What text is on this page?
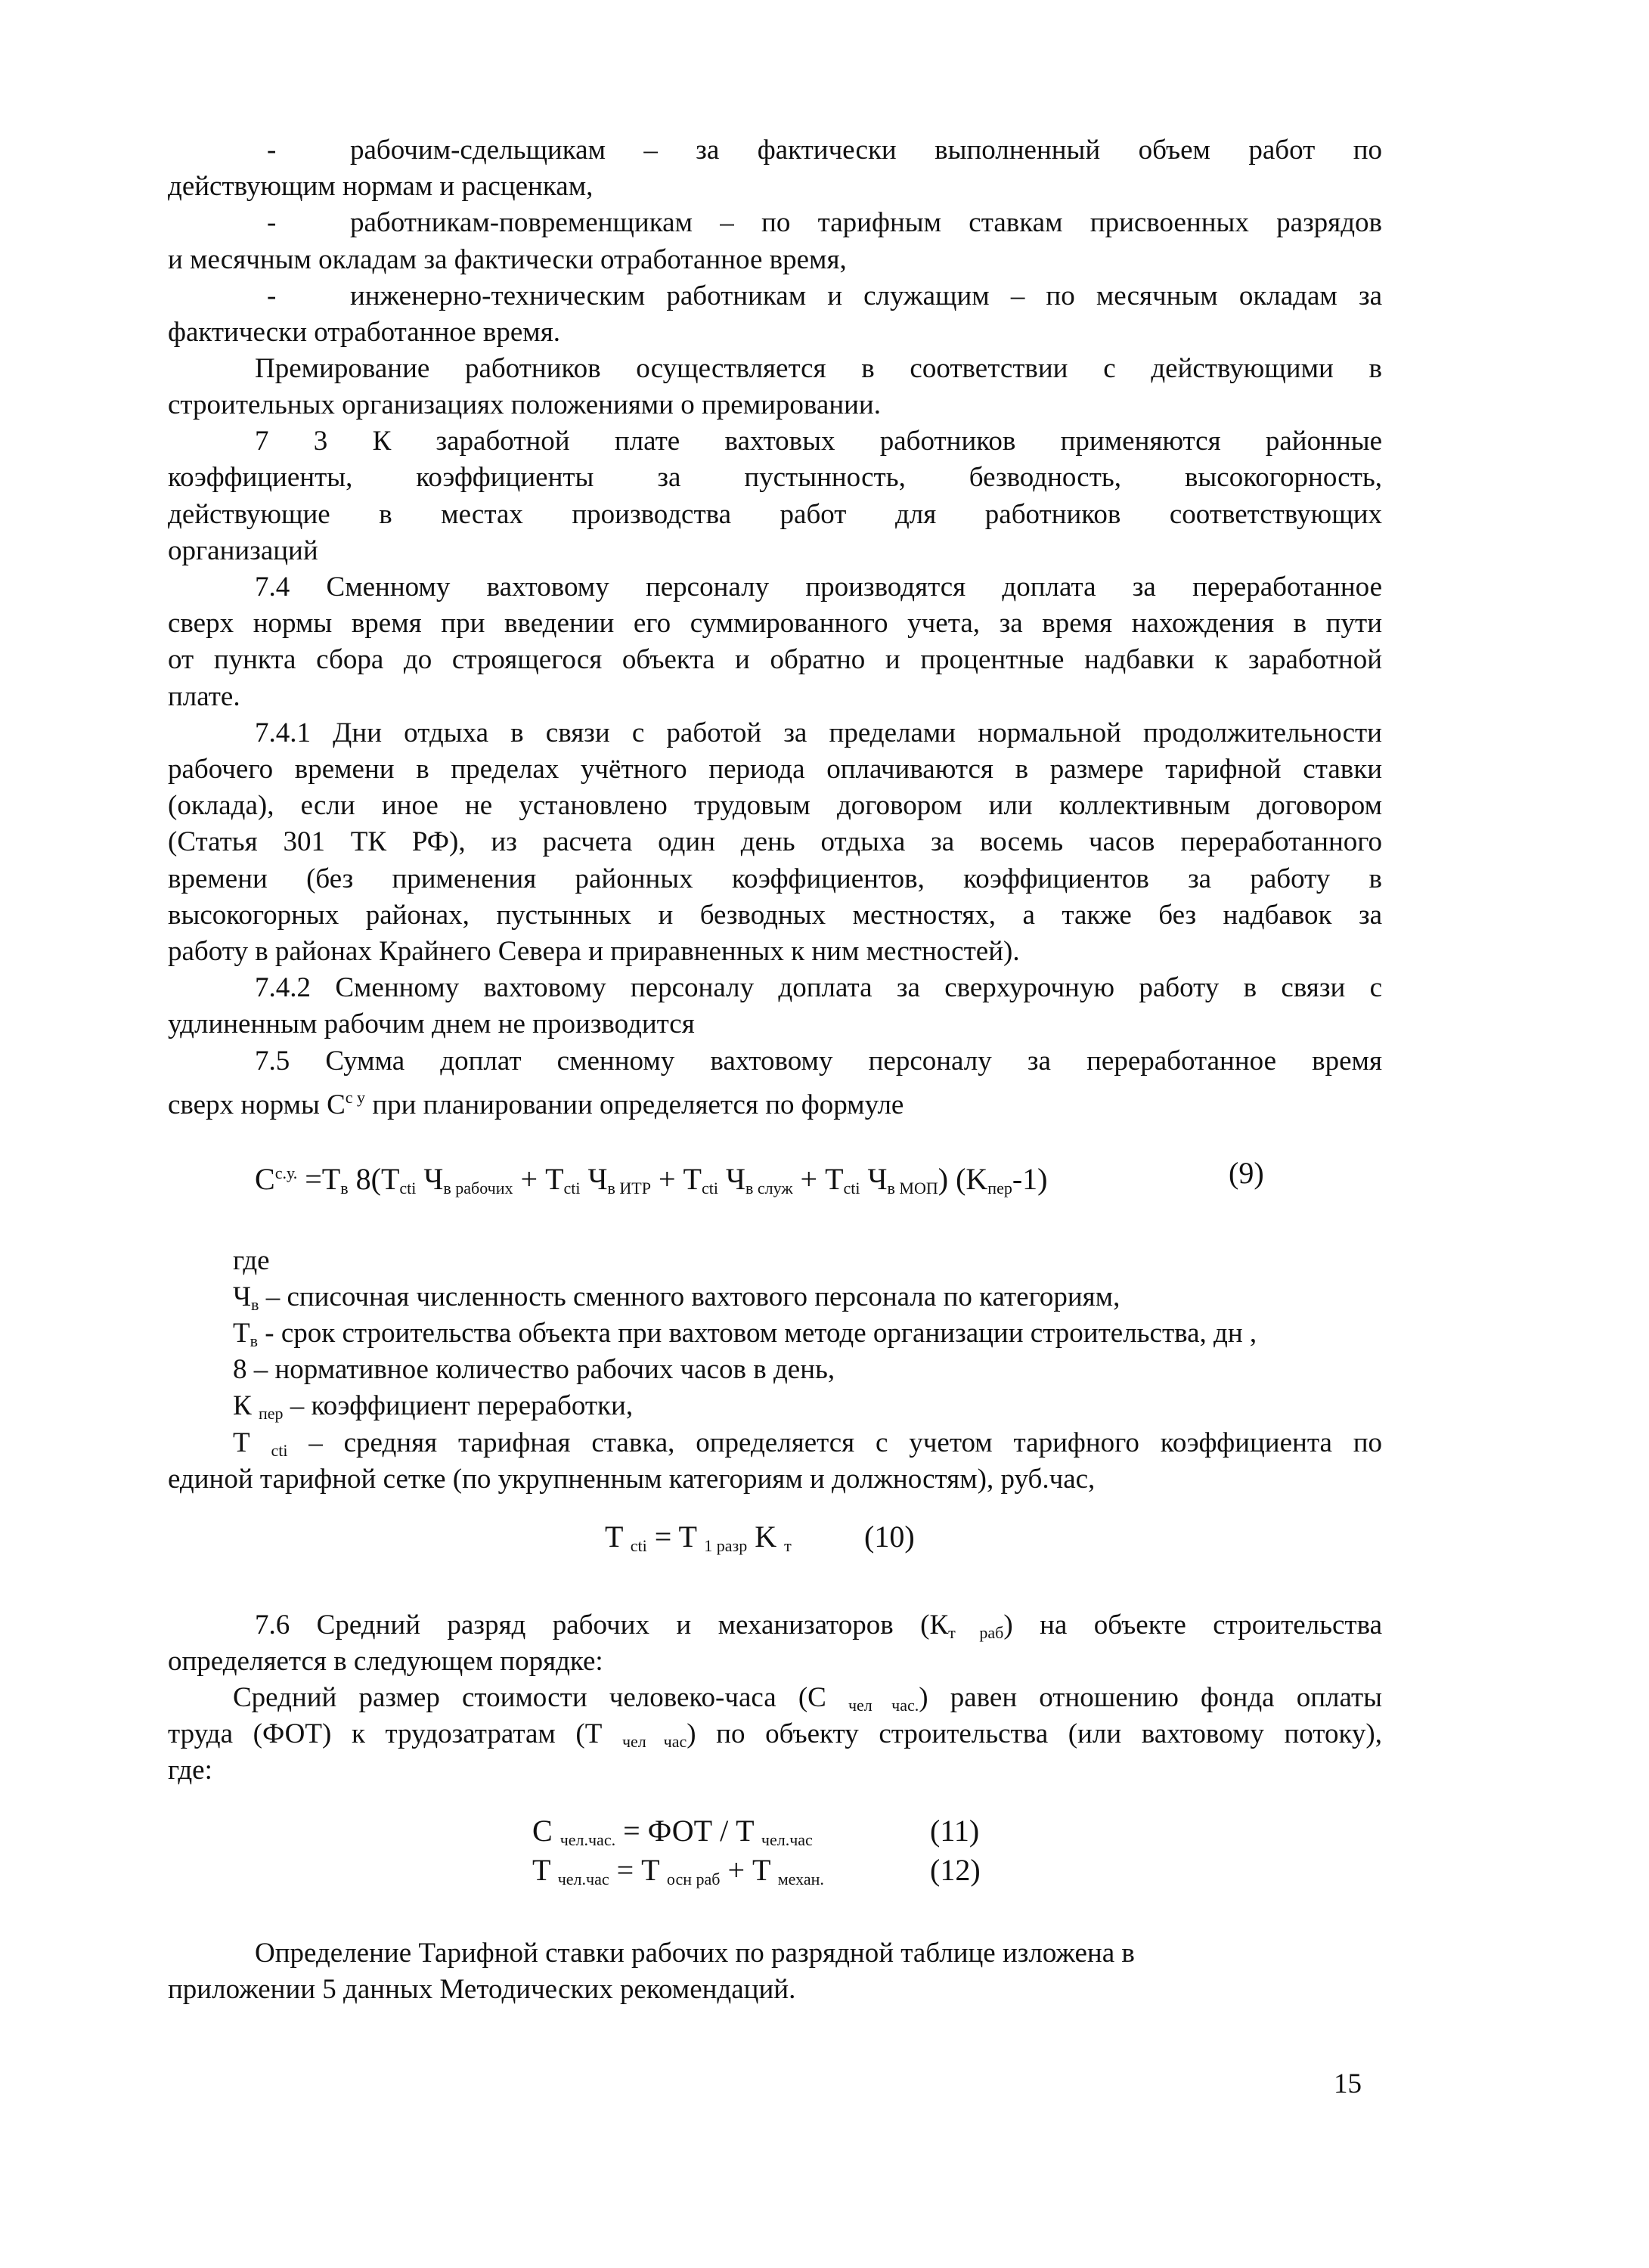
-	рабочим-сдельщикам – за фактически выполненный объем работ по
действующим нормам и расценкам,
-	работникам-повременщикам – по тарифным ставкам присвоенных разрядов
и месячным окладам за фактически отработанное время,
-	инженерно-техническим работникам и служащим – по месячным окладам за
фактически отработанное время.
Премирование работников осуществляется в соответствии с действующими в
строительных организациях положениями о премировании.
7 3 К заработной плате вахтовых работников применяются районные
коэффициенты, коэффициенты за пустынность, безводность, высокогорность,
действующие в местах производства работ для работников соответствующих
организаций
7.4 Сменному вахтовому персоналу производятся доплата за переработанное
сверх нормы время при введении его суммированного учета, за время нахождения в пути
от пункта сбора до строящегося объекта и обратно и процентные надбавки к заработной
плате.
7.4.1 Дни отдыха в связи с работой за пределами нормальной продолжительности
рабочего времени в пределах учётного периода оплачиваются в размере тарифной ставки
(оклада), если иное не установлено трудовым договором или коллективным договором
(Статья 301 ТК РФ), из расчета один день отдыха за восемь часов переработанного
времени (без применения районных коэффициентов, коэффициентов за работу в
высокогорных районах, пустынных и безводных местностях, а также без надбавок за
работу в районах Крайнего Севера и приравненных к ним местностей).
7.4.2 Сменному вахтовому персоналу доплата за сверхурочную работу в связи с
удлиненным рабочим днем не производится
7.5 Сумма доплат сменному вахтовому персоналу за переработанное время
сверх нормы $C^{с у}$ при планировании определяется по формуле
$C^{с.у.} =T_в$ $8(T_{cti}$ $Ч_{в рабочих} + T_{cti}$ $Ч_{в ИТР} + T_{cti}$ $Ч_{в служ} + T_{cti}$ $Ч_{в МОП}$) $(K_{пер}-1)$	(9)
где
$Ч_в$ – списочная численность сменного вахтового персонала по категориям,
$Т_в$ - срок строительства объекта при вахтовом методе организации строительства, дн ,
8 – нормативное количество рабочих часов в день,
К $_{пер}$ – коэффициент переработки,
Т $_{cti}$ – средняя тарифная ставка, определяется с учетом тарифного коэффициента по
единой тарифной сетке (по укрупненным категориям и должностям), руб.час,
T $_{cti}$ = T $_{1 разр}$ K $_т$ (10)
7.6 Средний разряд рабочих и механизаторов $(К_{т раб})$ на объекте строительства
определяется в следующем порядке:
Средний размер стоимости человеко-часа (С $_{чел час.}$) равен отношению фонда оплаты
труда (ФОТ) к трудозатратам (Т $_{чел час}$) по объекту строительства (или вахтовому потоку),
где:
C $_{чел.час.}$ = ФОТ / T $_{чел.час}$	(11)
T $_{чел.час}$ = T $_{осн раб}$ + T $_{механ.}$	(12)
Определение Тарифной ставки рабочих по разрядной таблице изложена в
приложении 5 данных Методических рекомендаций.
15
